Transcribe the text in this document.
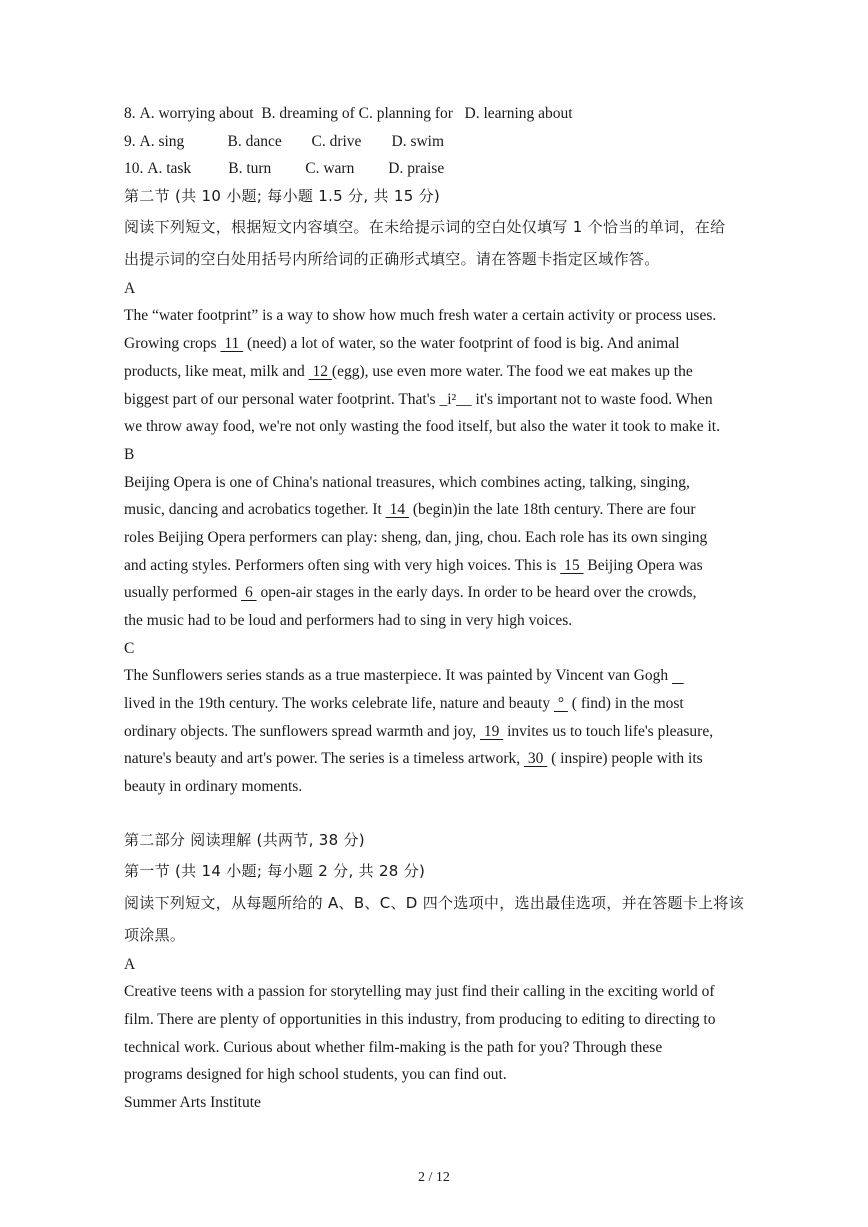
8. A. worrying about B. dreaming of C. planning for D. learning about
9. A. sing	B. dance C. drive D. swim
10. A. task B. turn C. warn D. praise
第二节 (共 10 小题; 每小题 1.5 分, 共 15 分)
阅读下列短文，根据短文内容填空。在未给提示词的空白处仅填写 1 个恰当的单词，在给
出提示词的空白处用括号内所给词的正确形式填空。请在答题卡指定区域作答。
A
The “water footprint” is a way to show how much fresh water a certain activity or process uses.
Growing crops  11  (need) a lot of water, so the water footprint of food is big. And animal
products, like meat, milk and  12 (egg), use even more water. The food we eat makes up the
biggest part of our personal water footprint. That's _i²__ it's important not to waste food. When
we throw away food, we're not only wasting the food itself, but also the water it took to make it.
B
Beijing Opera is one of China's national treasures, which combines acting, talking, singing,
music, dancing and acrobatics together. It  14  (begin)in the late 18th century. There are four
roles Beijing Opera performers can play: sheng, dan, jing, chou. Each role has its own singing
and acting styles. Performers often sing with very high voices. This is  15  Beijing Opera was
usually performed  6  open-air stages in the early days. In order to be heard over the crowds,
the music had to be loud and performers had to sing in very high voices.
C
The Sunflowers series stands as a true masterpiece. It was painted by Vincent van Gogh
lived in the 19th century. The works celebrate life, nature and beauty  °  ( find) in the most
ordinary objects. The sunflowers spread warmth and joy,  19  invites us to touch life's pleasure,
nature's beauty and art's power. The series is a timeless artwork,  30  ( inspire) people with its
beauty in ordinary moments.
第二部分 阅读理解 (共两节, 38 分)
第一节 (共 14 小题; 每小题 2 分, 共 28 分)
阅读下列短文，从每题所给的 A、B、C、D 四个选项中，选出最佳选项，并在答题卡上将该
项涂黑。
A
Creative teens with a passion for storytelling may just find their calling in the exciting world of
film. There are plenty of opportunities in this industry, from producing to editing to directing to
technical work. Curious about whether film-making is the path for you? Through these
programs designed for high school students, you can find out.
Summer Arts Institute
2 / 12
